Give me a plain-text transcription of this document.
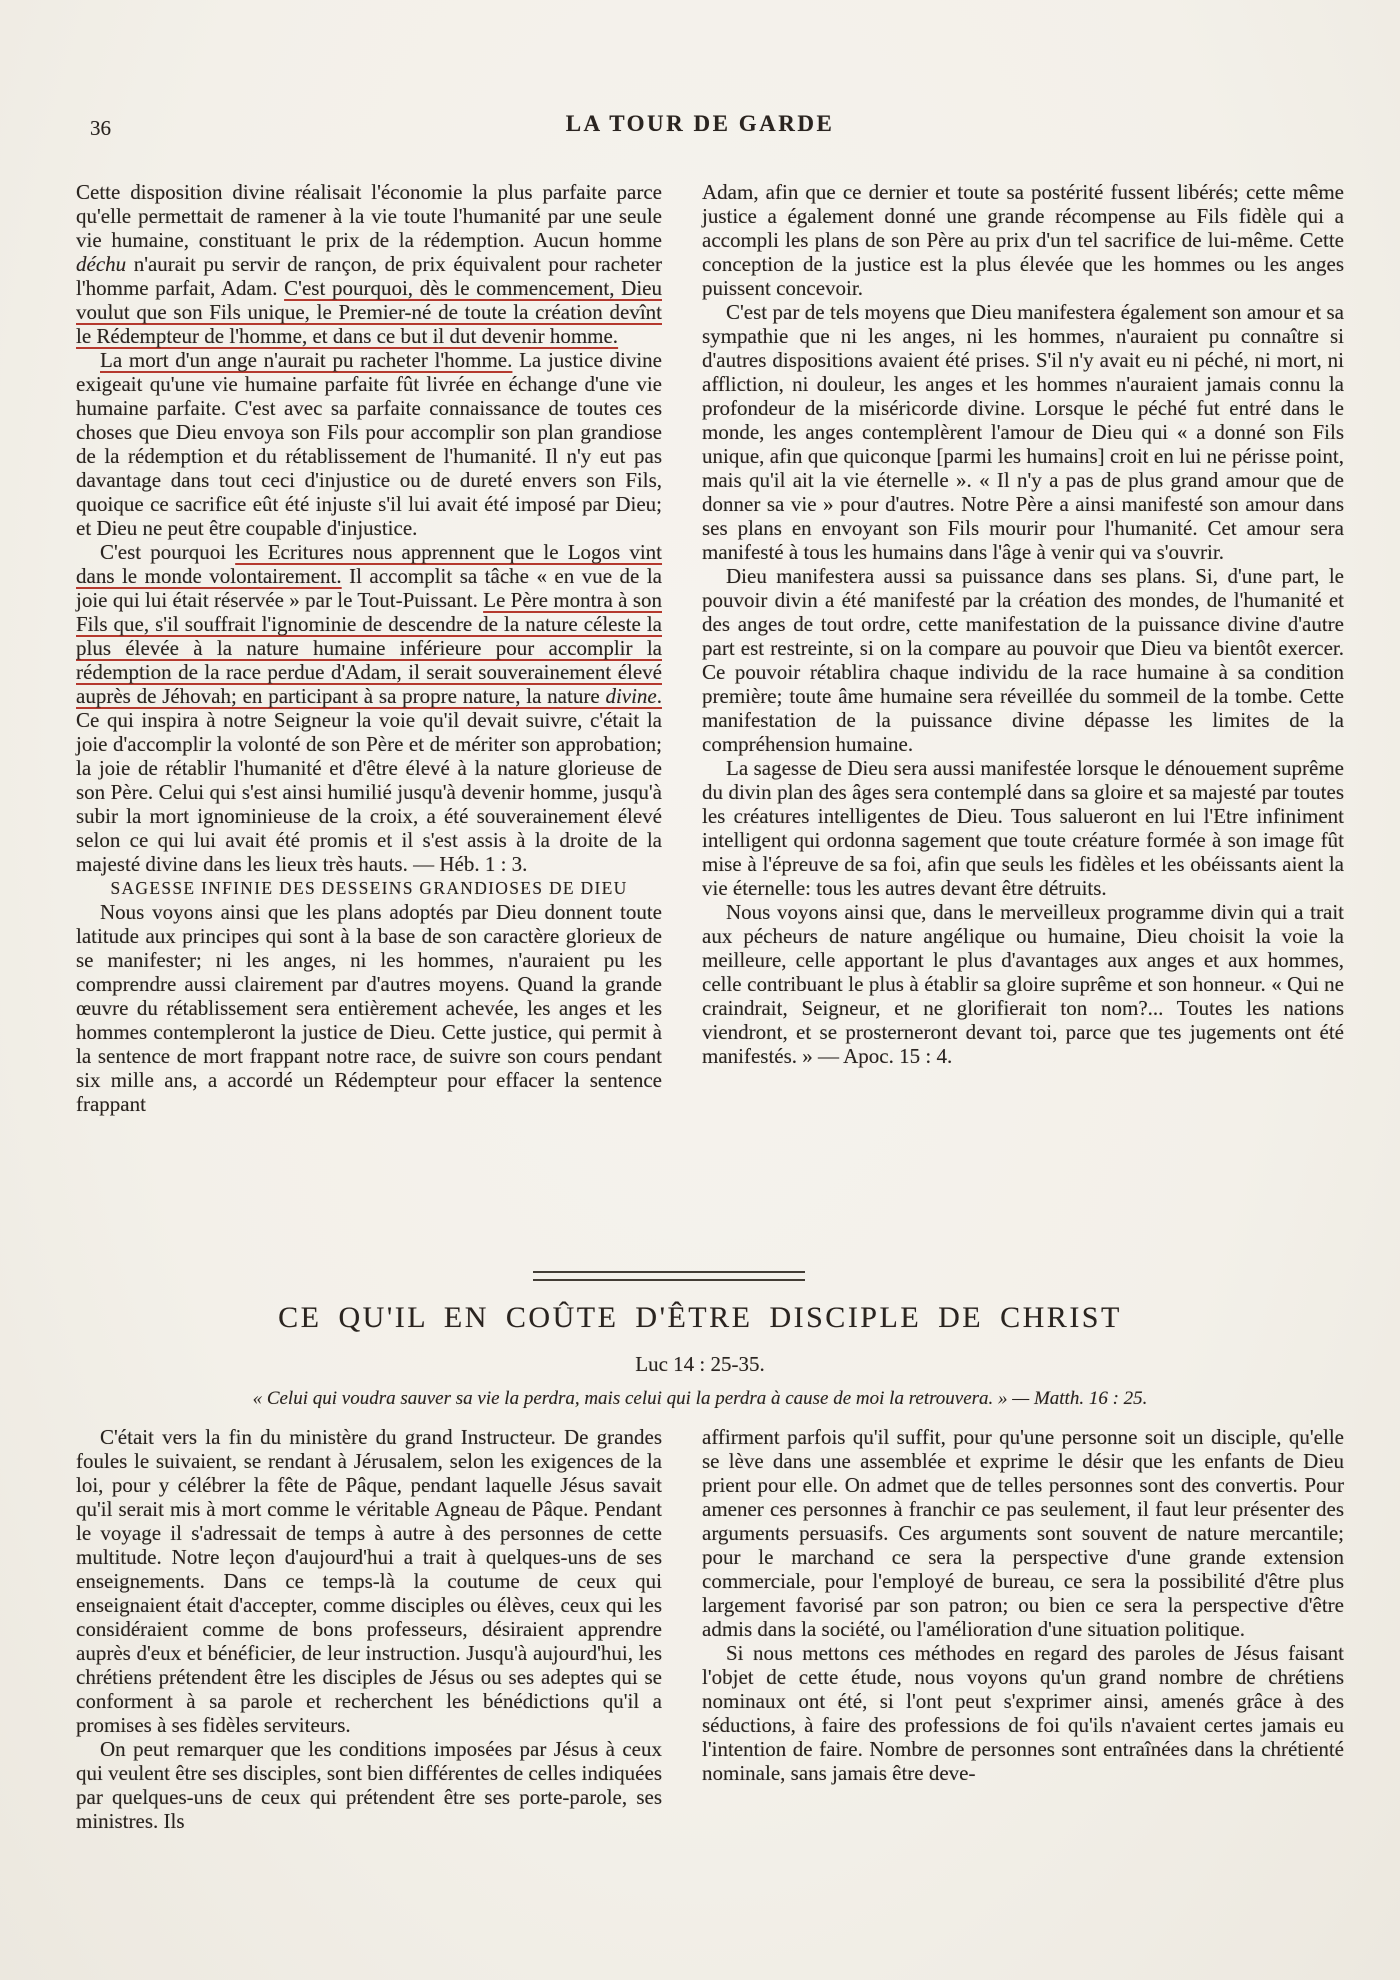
36	LA TOUR DE GARDE

Cette disposition divine réalisait l'économie la plus parfaite parce qu'elle permettait de ramener à la vie toute l'humanité par une seule vie humaine, constituant le prix de la rédemption. Aucun homme déchu n'aurait pu servir de rançon, de prix équivalent pour racheter l'homme parfait, Adam. C'est pourquoi, dès le commencement, Dieu voulut que son Fils unique, le Premier-né de toute la création devînt le Rédempteur de l'homme, et dans ce but il dut devenir homme.

La mort d'un ange n'aurait pu racheter l'homme. La justice divine exigeait qu'une vie humaine parfaite fût livrée en échange d'une vie humaine parfaite. C'est avec sa parfaite connaissance de toutes ces choses que Dieu envoya son Fils pour accomplir son plan grandiose de la rédemption et du rétablissement de l'humanité. Il n'y eut pas davantage dans tout ceci d'injustice ou de dureté envers son Fils, quoique ce sacrifice eût été injuste s'il lui avait été imposé par Dieu; et Dieu ne peut être coupable d'injustice.

C'est pourquoi les Ecritures nous apprennent que le Logos vint dans le monde volontairement. Il accomplit sa tâche « en vue de la joie qui lui était réservée » par le Tout-Puissant. Le Père montra à son Fils que, s'il souffrait l'ignominie de descendre de la nature céleste la plus élevée à la nature humaine inférieure pour accomplir la rédemption de la race perdue d'Adam, il serait souverainement élevé auprès de Jéhovah; en participant à sa propre nature, la nature divine. Ce qui inspira à notre Seigneur la voie qu'il devait suivre, c'était la joie d'accomplir la volonté de son Père et de mériter son approbation; la joie de rétablir l'humanité et d'être élevé à la nature glorieuse de son Père. Celui qui s'est ainsi humilié jusqu'à devenir homme, jusqu'à subir la mort ignominieuse de la croix, a été souverainement élevé selon ce qui lui avait été promis et il s'est assis à la droite de la majesté divine dans les lieux très hauts. — Héb. 1 : 3.

SAGESSE INFINIE DES DESSEINS GRANDIOSES DE DIEU

Nous voyons ainsi que les plans adoptés par Dieu donnent toute latitude aux principes qui sont à la base de son caractère glorieux de se manifester; ni les anges, ni les hommes, n'auraient pu les comprendre aussi clairement par d'autres moyens. Quand la grande œuvre du rétablissement sera entièrement achevée, les anges et les hommes contempleront la justice de Dieu. Cette justice, qui permit à la sentence de mort frappant notre race, de suivre son cours pendant six mille ans, a accordé un Rédempteur pour effacer la sentence frappant

Adam, afin que ce dernier et toute sa postérité fussent libérés; cette même justice a également donné une grande récompense au Fils fidèle qui a accompli les plans de son Père au prix d'un tel sacrifice de lui-même. Cette conception de la justice est la plus élevée que les hommes ou les anges puissent concevoir.

C'est par de tels moyens que Dieu manifestera également son amour et sa sympathie que ni les anges, ni les hommes, n'auraient pu connaître si d'autres dispositions avaient été prises. S'il n'y avait eu ni péché, ni mort, ni affliction, ni douleur, les anges et les hommes n'auraient jamais connu la profondeur de la miséricorde divine. Lorsque le péché fut entré dans le monde, les anges contemplèrent l'amour de Dieu qui « a donné son Fils unique, afin que quiconque [parmi les humains] croit en lui ne périsse point, mais qu'il ait la vie éternelle ». « Il n'y a pas de plus grand amour que de donner sa vie » pour d'autres. Notre Père a ainsi manifesté son amour dans ses plans en envoyant son Fils mourir pour l'humanité. Cet amour sera manifesté à tous les humains dans l'âge à venir qui va s'ouvrir.

Dieu manifestera aussi sa puissance dans ses plans. Si, d'une part, le pouvoir divin a été manifesté par la création des mondes, de l'humanité et des anges de tout ordre, cette manifestation de la puissance divine d'autre part est restreinte, si on la compare au pouvoir que Dieu va bientôt exercer. Ce pouvoir rétablira chaque individu de la race humaine à sa condition première; toute âme humaine sera réveillée du sommeil de la tombe. Cette manifestation de la puissance divine dépasse les limites de la compréhension humaine.

La sagesse de Dieu sera aussi manifestée lorsque le dénouement suprême du divin plan des âges sera contemplé dans sa gloire et sa majesté par toutes les créatures intelligentes de Dieu. Tous salueront en lui l'Etre infiniment intelligent qui ordonna sagement que toute créature formée à son image fût mise à l'épreuve de sa foi, afin que seuls les fidèles et les obéissants aient la vie éternelle: tous les autres devant être détruits.

Nous voyons ainsi que, dans le merveilleux programme divin qui a trait aux pécheurs de nature angélique ou humaine, Dieu choisit la voie la meilleure, celle apportant le plus d'avantages aux anges et aux hommes, celle contribuant le plus à établir sa gloire suprême et son honneur. « Qui ne craindrait, Seigneur, et ne glorifierait ton nom?... Toutes les nations viendront, et se prosterneront devant toi, parce que tes jugements ont été manifestés. » — Apoc. 15 : 4.

CE QU'IL EN COÛTE D'ÊTRE DISCIPLE DE CHRIST
Luc 14 : 25-35.
« Celui qui voudra sauver sa vie la perdra, mais celui qui la perdra à cause de moi la retrouvera. » — Matth. 16 : 25.

C'était vers la fin du ministère du grand Instructeur. De grandes foules le suivaient, se rendant à Jérusalem, selon les exigences de la loi, pour y célébrer la fête de Pâque, pendant laquelle Jésus savait qu'il serait mis à mort comme le véritable Agneau de Pâque. Pendant le voyage il s'adressait de temps à autre à des personnes de cette multitude. Notre leçon d'aujourd'hui a trait à quelques-uns de ses enseignements. Dans ce temps-là la coutume de ceux qui enseignaient était d'accepter, comme disciples ou élèves, ceux qui les considéraient comme de bons professeurs, désiraient apprendre auprès d'eux et bénéficier, de leur instruction. Jusqu'à aujourd'hui, les chrétiens prétendent être les disciples de Jésus ou ses adeptes qui se conforment à sa parole et recherchent les bénédictions qu'il a promises à ses fidèles serviteurs.

On peut remarquer que les conditions imposées par Jésus à ceux qui veulent être ses disciples, sont bien différentes de celles indiquées par quelques-uns de ceux qui prétendent être ses porte-parole, ses ministres. Ils

affirment parfois qu'il suffit, pour qu'une personne soit un disciple, qu'elle se lève dans une assemblée et exprime le désir que les enfants de Dieu prient pour elle. On admet que de telles personnes sont des convertis. Pour amener ces personnes à franchir ce pas seulement, il faut leur présenter des arguments persuasifs. Ces arguments sont souvent de nature mercantile; pour le marchand ce sera la perspective d'une grande extension commerciale, pour l'employé de bureau, ce sera la possibilité d'être plus largement favorisé par son patron; ou bien ce sera la perspective d'être admis dans la société, ou l'amélioration d'une situation politique.

Si nous mettons ces méthodes en regard des paroles de Jésus faisant l'objet de cette étude, nous voyons qu'un grand nombre de chrétiens nominaux ont été, si l'ont peut s'exprimer ainsi, amenés grâce à des séductions, à faire des professions de foi qu'ils n'avaient certes jamais eu l'intention de faire. Nombre de personnes sont entraînées dans la chrétienté nominale, sans jamais être deve-
